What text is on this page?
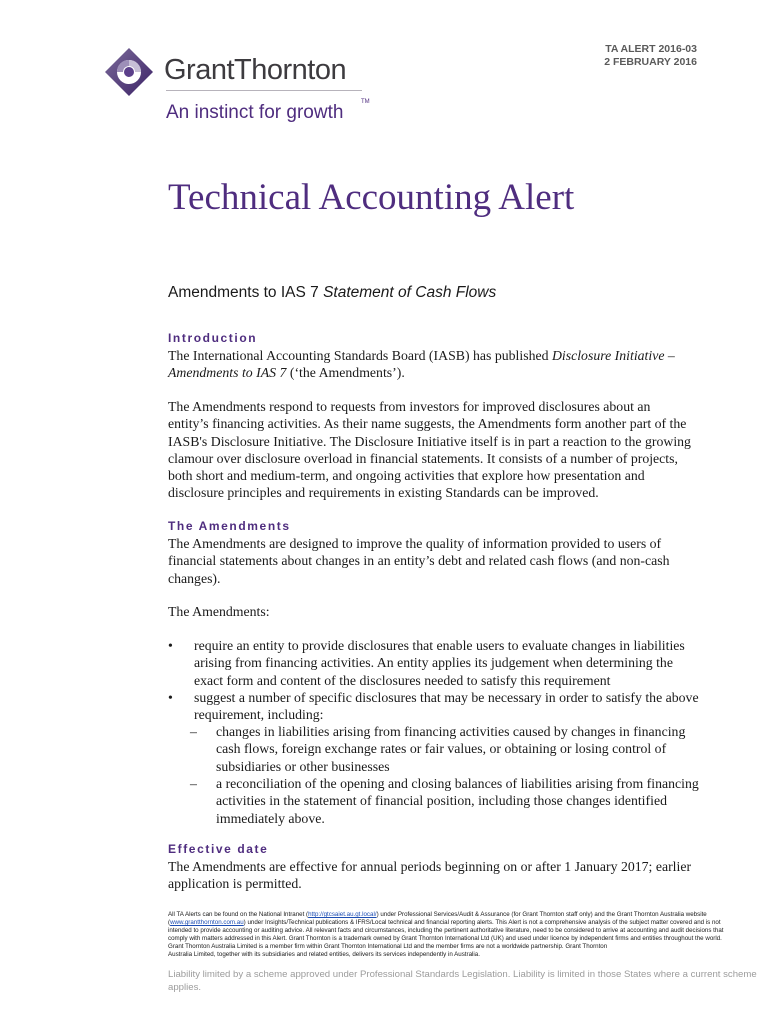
GrantThornton
An instinct for growth	TM
TA ALERT 2016-03
2 FEBRUARY 2016
Technical Accounting Alert
Amendments to IAS 7 Statement of Cash Flows
Introduction
The International Accounting Standards Board (IASB) has published Disclosure Initiative –
Amendments to IAS 7 (‘the Amendments’).
The Amendments respond to requests from investors for improved disclosures about an
entity’s financing activities. As their name suggests, the Amendments form another part of the
IASB's Disclosure Initiative. The Disclosure Initiative itself is in part a reaction to the growing
clamour over disclosure overload in financial statements. It consists of a number of projects,
both short and medium-term, and ongoing activities that explore how presentation and
disclosure principles and requirements in existing Standards can be improved.
The Amendments
The Amendments are designed to improve the quality of information provided to users of
financial statements about changes in an entity’s debt and related cash flows (and non-cash
changes).
The Amendments:
• require an entity to provide disclosures that enable users to evaluate changes in liabilities
arising from financing activities. An entity applies its judgement when determining the
exact form and content of the disclosures needed to satisfy this requirement
• suggest a number of specific disclosures that may be necessary in order to satisfy the above
requirement, including:
– changes in liabilities arising from financing activities caused by changes in financing
cash flows, foreign exchange rates or fair values, or obtaining or losing control of
subsidiaries or other businesses
– a reconciliation of the opening and closing balances of liabilities arising from financing
activities in the statement of financial position, including those changes identified
immediately above.
Effective date
The Amendments are effective for annual periods beginning on or after 1 January 2017; earlier
application is permitted.
All TA Alerts can be found on the National Intranet (http://gtcsaiet.au.gt.local/) under Professional Services/Audit & Assurance (for Grant Thornton staff only) and the Grant Thornton Australia website
(www.grantthornton.com.au) under Insights/Technical publications & IFRS/Local technical and financial reporting alerts. This Alert is not a comprehensive analysis of the subject matter covered and is not
intended to provide accounting or auditing advice. All relevant facts and circumstances, including the pertinent authoritative literature, need to be considered to arrive at accounting and audit decisions that
comply with matters addressed in this Alert. Grant Thornton is a trademark owned by Grant Thornton International Ltd (UK) and used under licence by independent firms and entities throughout the world.
Grant Thornton Australia Limited is a member firm within Grant Thornton International Ltd and the member firms are not a worldwide partnership. Grant Thornton
Australia Limited, together with its subsidiaries and related entities, delivers its services independently in Australia.
Liability limited by a scheme approved under Professional Standards Legislation. Liability is limited in those States where a current scheme
applies.
